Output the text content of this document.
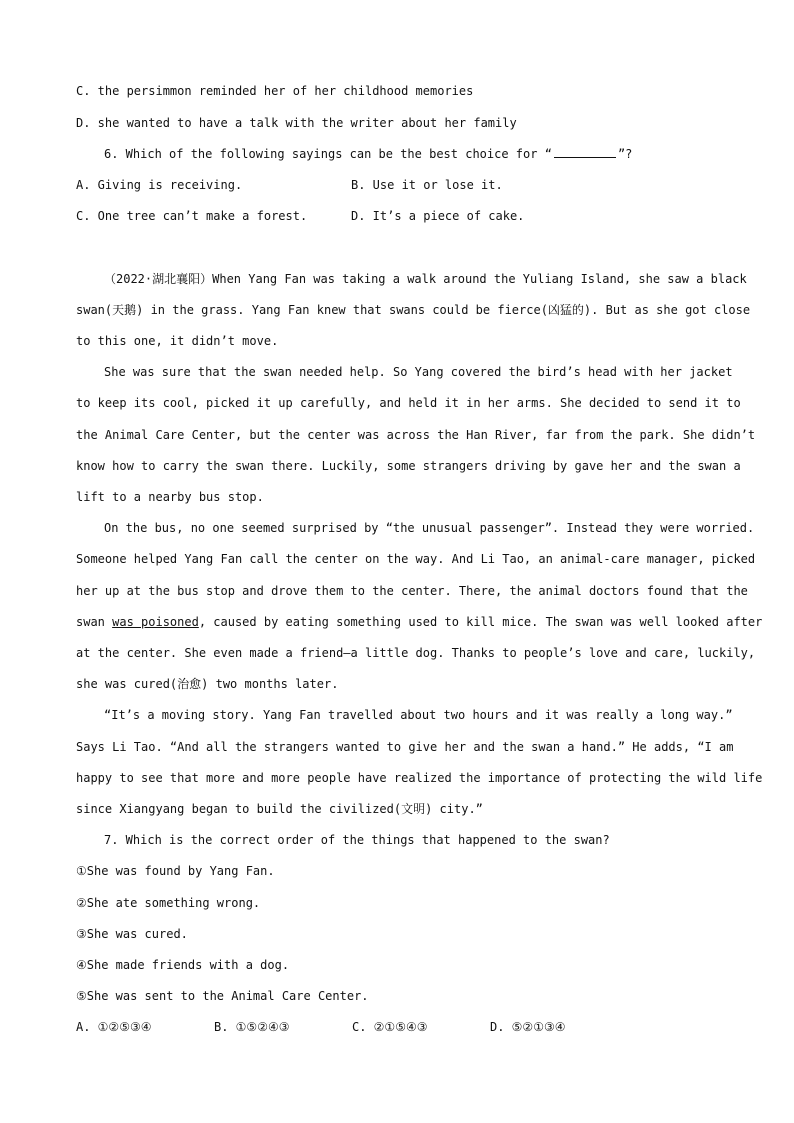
C. the persimmon reminded her of her childhood memories
D. she wanted to have a talk with the writer about her family
6. Which of the following sayings can be the best choice for “	”?
A. Giving is receiving.	B. Use it or lose it.
C. One tree can’t make a forest.	D. It’s a piece of cake.
（2022·湖北襄阳）When Yang Fan was taking a walk around the Yuliang Island, she saw a black
swan(天鹅) in the grass. Yang Fan knew that swans could be fierce(凶猛的). But as she got close
to this one, it didn’t move.
She was sure that the swan needed help. So Yang covered the bird’s head with her jacket
to keep its cool, picked it up carefully, and held it in her arms. She decided to send it to
the Animal Care Center, but the center was across the Han River, far from the park. She didn’t
know how to carry the swan there. Luckily, some strangers driving by gave her and the swan a
lift to a nearby bus stop.
On the bus, no one seemed surprised by “the unusual passenger”. Instead they were worried.
Someone helped Yang Fan call the center on the way. And Li Tao, an animal-care manager, picked
her up at the bus stop and drove them to the center. There, the animal doctors found that the
swan was poisoned, caused by eating something used to kill mice. The swan was well looked after
at the center. She even made a friend—a little dog. Thanks to people’s love and care, luckily,
she was cured(治愈) two months later.
“It’s a moving story. Yang Fan travelled about two hours and it was really a long way.”
Says Li Tao. “And all the strangers wanted to give her and the swan a hand.” He adds, “I am
happy to see that more and more people have realized the importance of protecting the wild life
since Xiangyang began to build the civilized(文明) city.”
7. Which is the correct order of the things that happened to the swan?
①She was found by Yang Fan.
②She ate something wrong.
③She was cured.
④She made friends with a dog.
⑤She was sent to the Animal Care Center.
A. ①②⑤③④	B. ①⑤②④③	C. ②①⑤④③	D. ⑤②①③④
